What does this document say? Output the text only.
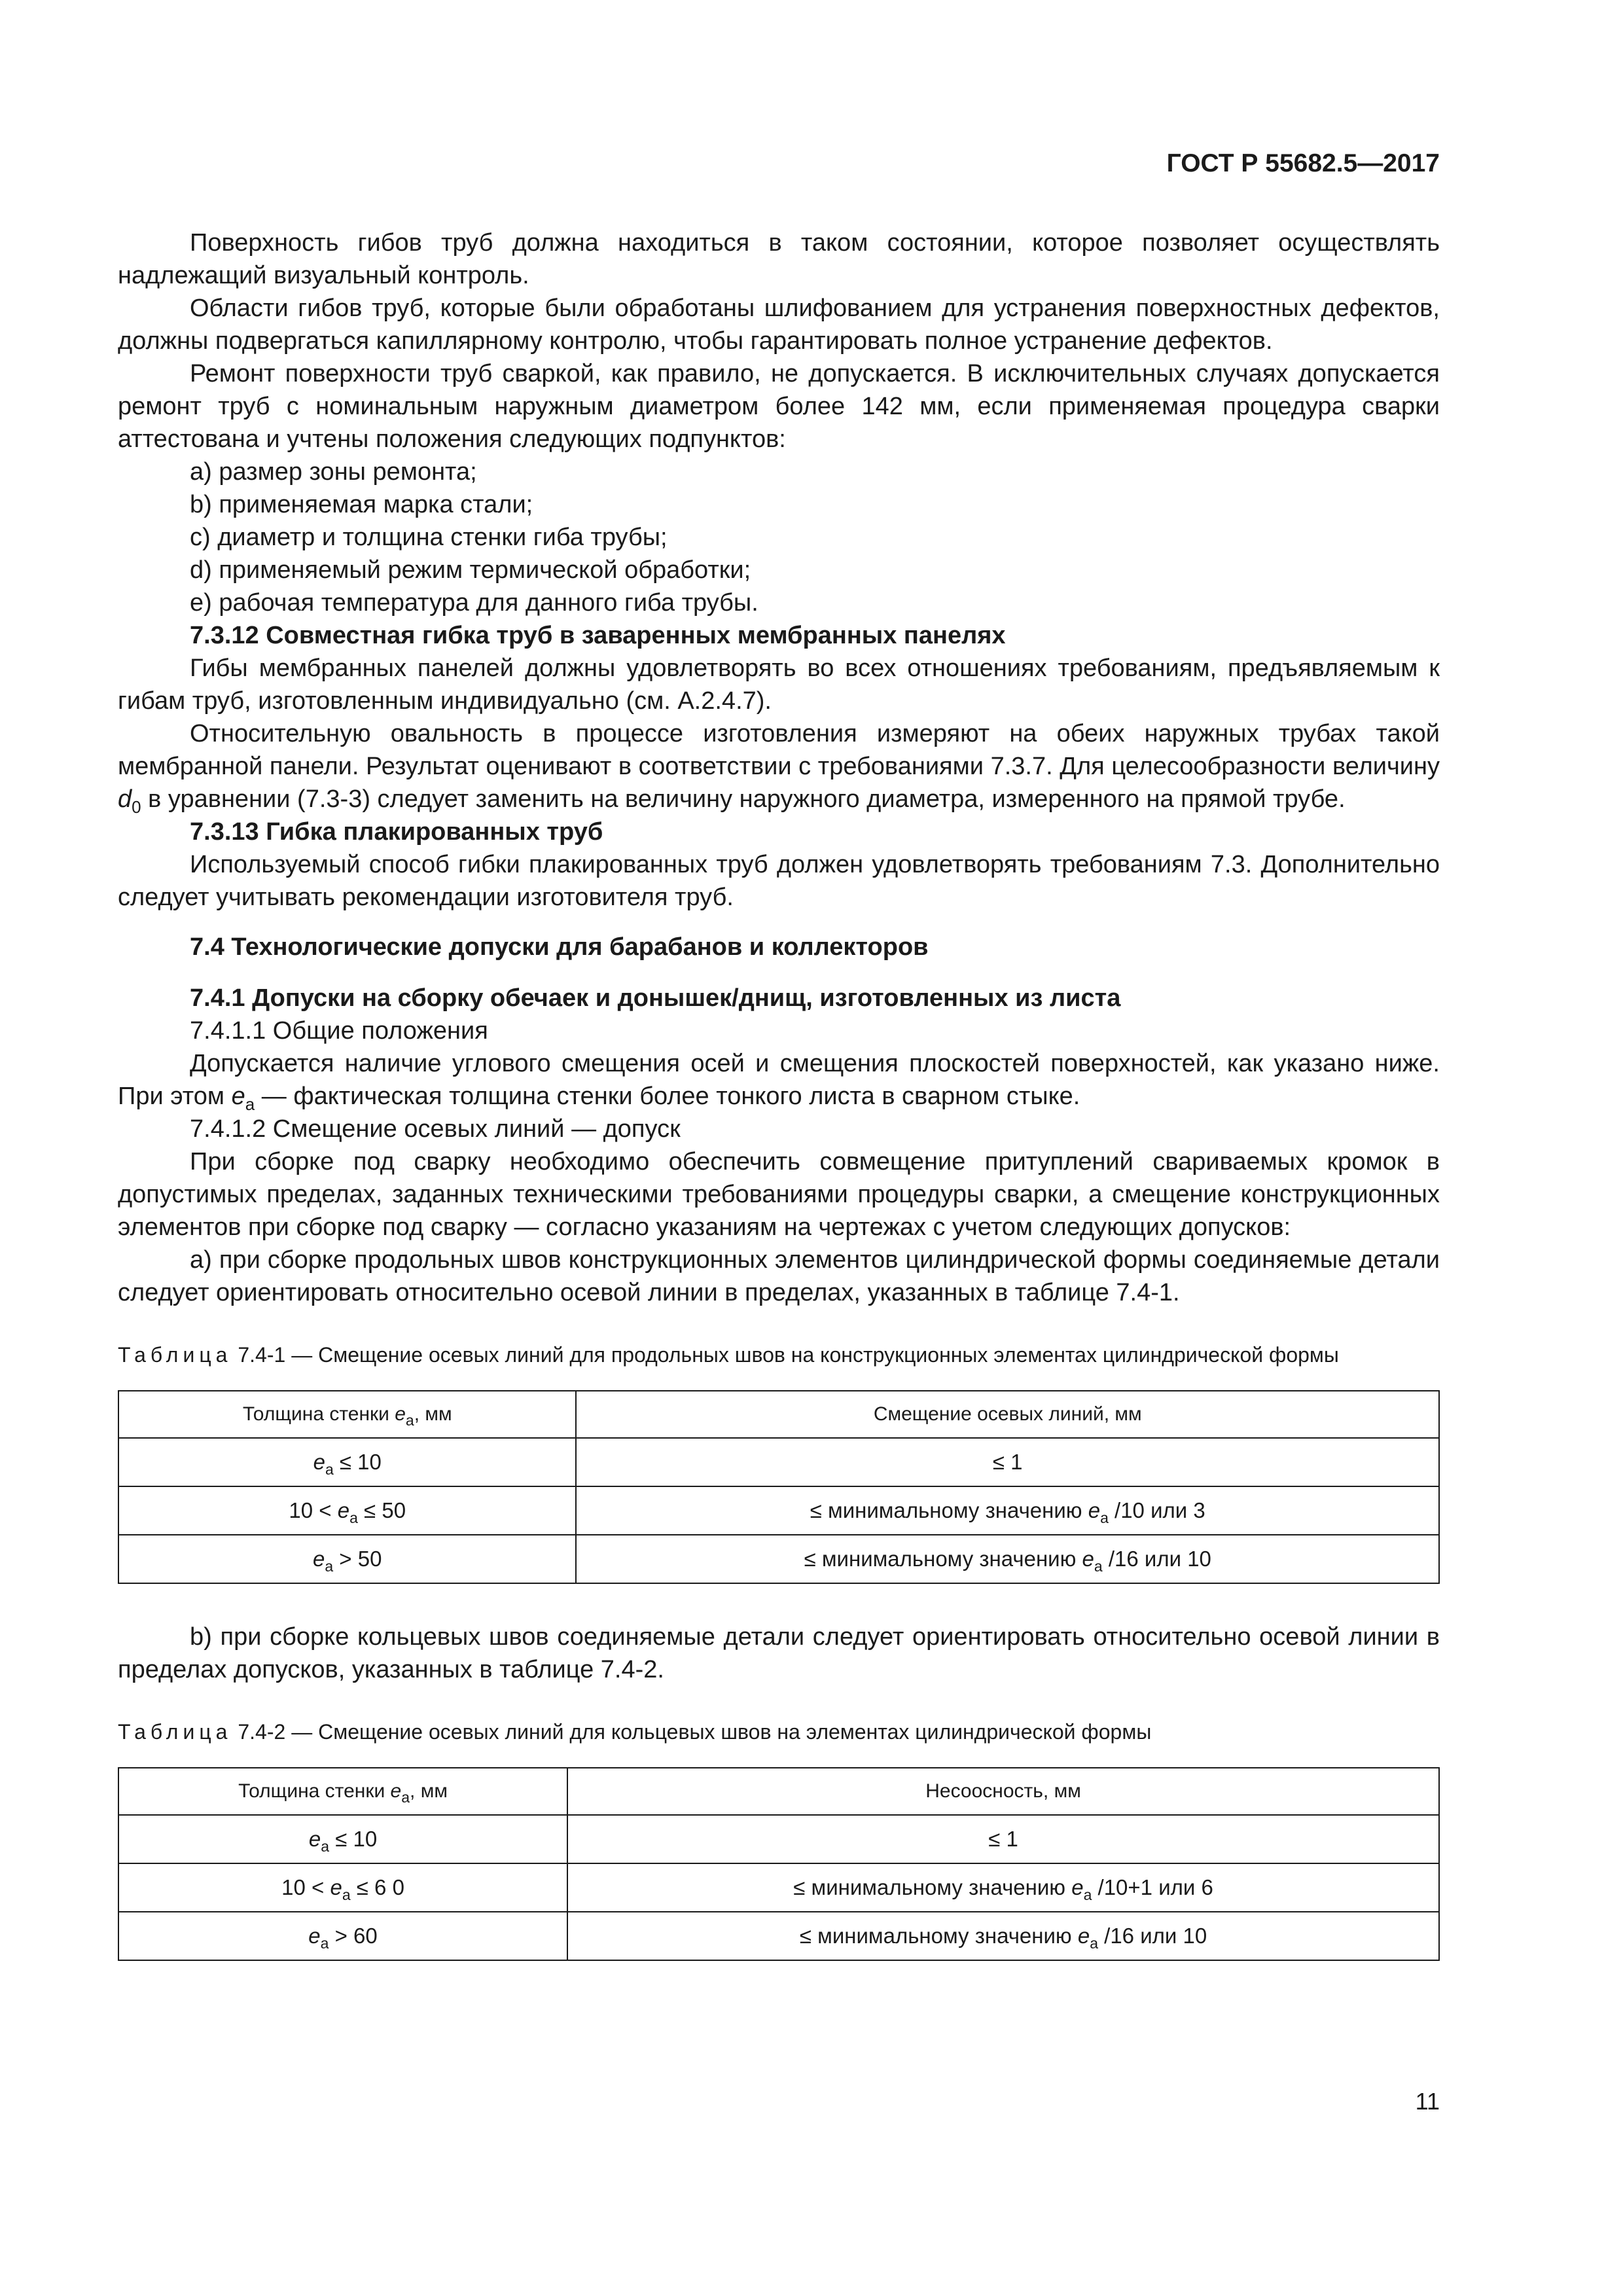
ГОСТ Р 55682.5—2017

Поверхность гибов труб должна находиться в таком состоянии, которое позволяет осуществлять надлежащий визуальный контроль.

Области гибов труб, которые были обработаны шлифованием для устранения поверхностных дефектов, должны подвергаться капиллярному контролю, чтобы гарантировать полное устранение дефектов.

Ремонт поверхности труб сваркой, как правило, не допускается. В исключительных случаях допускается ремонт труб с номинальным наружным диаметром более 142 мм, если применяемая процедура сварки аттестована и учтены положения следующих подпунктов:

a) размер зоны ремонта;

b) применяемая марка стали;

c) диаметр и толщина стенки гиба трубы;

d) применяемый режим термической обработки;

e) рабочая температура для данного гиба трубы.

7.3.12 Совместная гибка труб в заваренных мембранных панелях

Гибы мембранных панелей должны удовлетворять во всех отношениях требованиям, предъявляемым к гибам труб, изготовленным индивидуально (см. А.2.4.7).

Относительную овальность в процессе изготовления измеряют на обеих наружных трубах такой мембранной панели. Результат оценивают в соответствии с требованиями 7.3.7. Для целесообразности величину $d_0$ в уравнении (7.3-3) следует заменить на величину наружного диаметра, измеренного на прямой трубе.

7.3.13 Гибка плакированных труб

Используемый способ гибки плакированных труб должен удовлетворять требованиям 7.3. Дополнительно следует учитывать рекомендации изготовителя труб.

7.4 Технологические допуски для барабанов и коллекторов

7.4.1 Допуски на сборку обечаек и донышек/днищ, изготовленных из листа

7.4.1.1 Общие положения

Допускается наличие углового смещения осей и смещения плоскостей поверхностей, как указано ниже. При этом $e_a$ — фактическая толщина стенки более тонкого листа в сварном стыке.

7.4.1.2 Смещение осевых линий — допуск

При сборке под сварку необходимо обеспечить совмещение притуплений свариваемых кромок в допустимых пределах, заданных техническими требованиями процедуры сварки, а смещение конструкционных элементов при сборке под сварку — согласно указаниям на чертежах с учетом следующих допусков:

a) при сборке продольных швов конструкционных элементов цилиндрической формы соединяемые детали следует ориентировать относительно осевой линии в пределах, указанных в таблице 7.4-1.

Таблица 7.4-1 — Смещение осевых линий для продольных швов на конструкционных элементах цилиндрической формы

Толщина стенки $e_a$, мм	Смещение осевых линий, мм
$e_a \le 10$	≤ 1
$10 < e_a \le 50$	≤ минимальному значению $e_a$ /10 или 3
$e_a > 50$	≤ минимальному значению $e_a$ /16 или 10

b) при сборке кольцевых швов соединяемые детали следует ориентировать относительно осевой линии в пределах допусков, указанных в таблице 7.4-2.

Таблица 7.4-2 — Смещение осевых линий для кольцевых швов на элементах цилиндрической формы

Толщина стенки $e_a$, мм	Несоосность, мм
$e_a \le 10$	≤ 1
$10 < e_a \le 6$ 0	≤ минимальному значению $e_a$ /10+1 или 6
$e_a > 60$	≤ минимальному значению $e_a$ /16 или 10
11
